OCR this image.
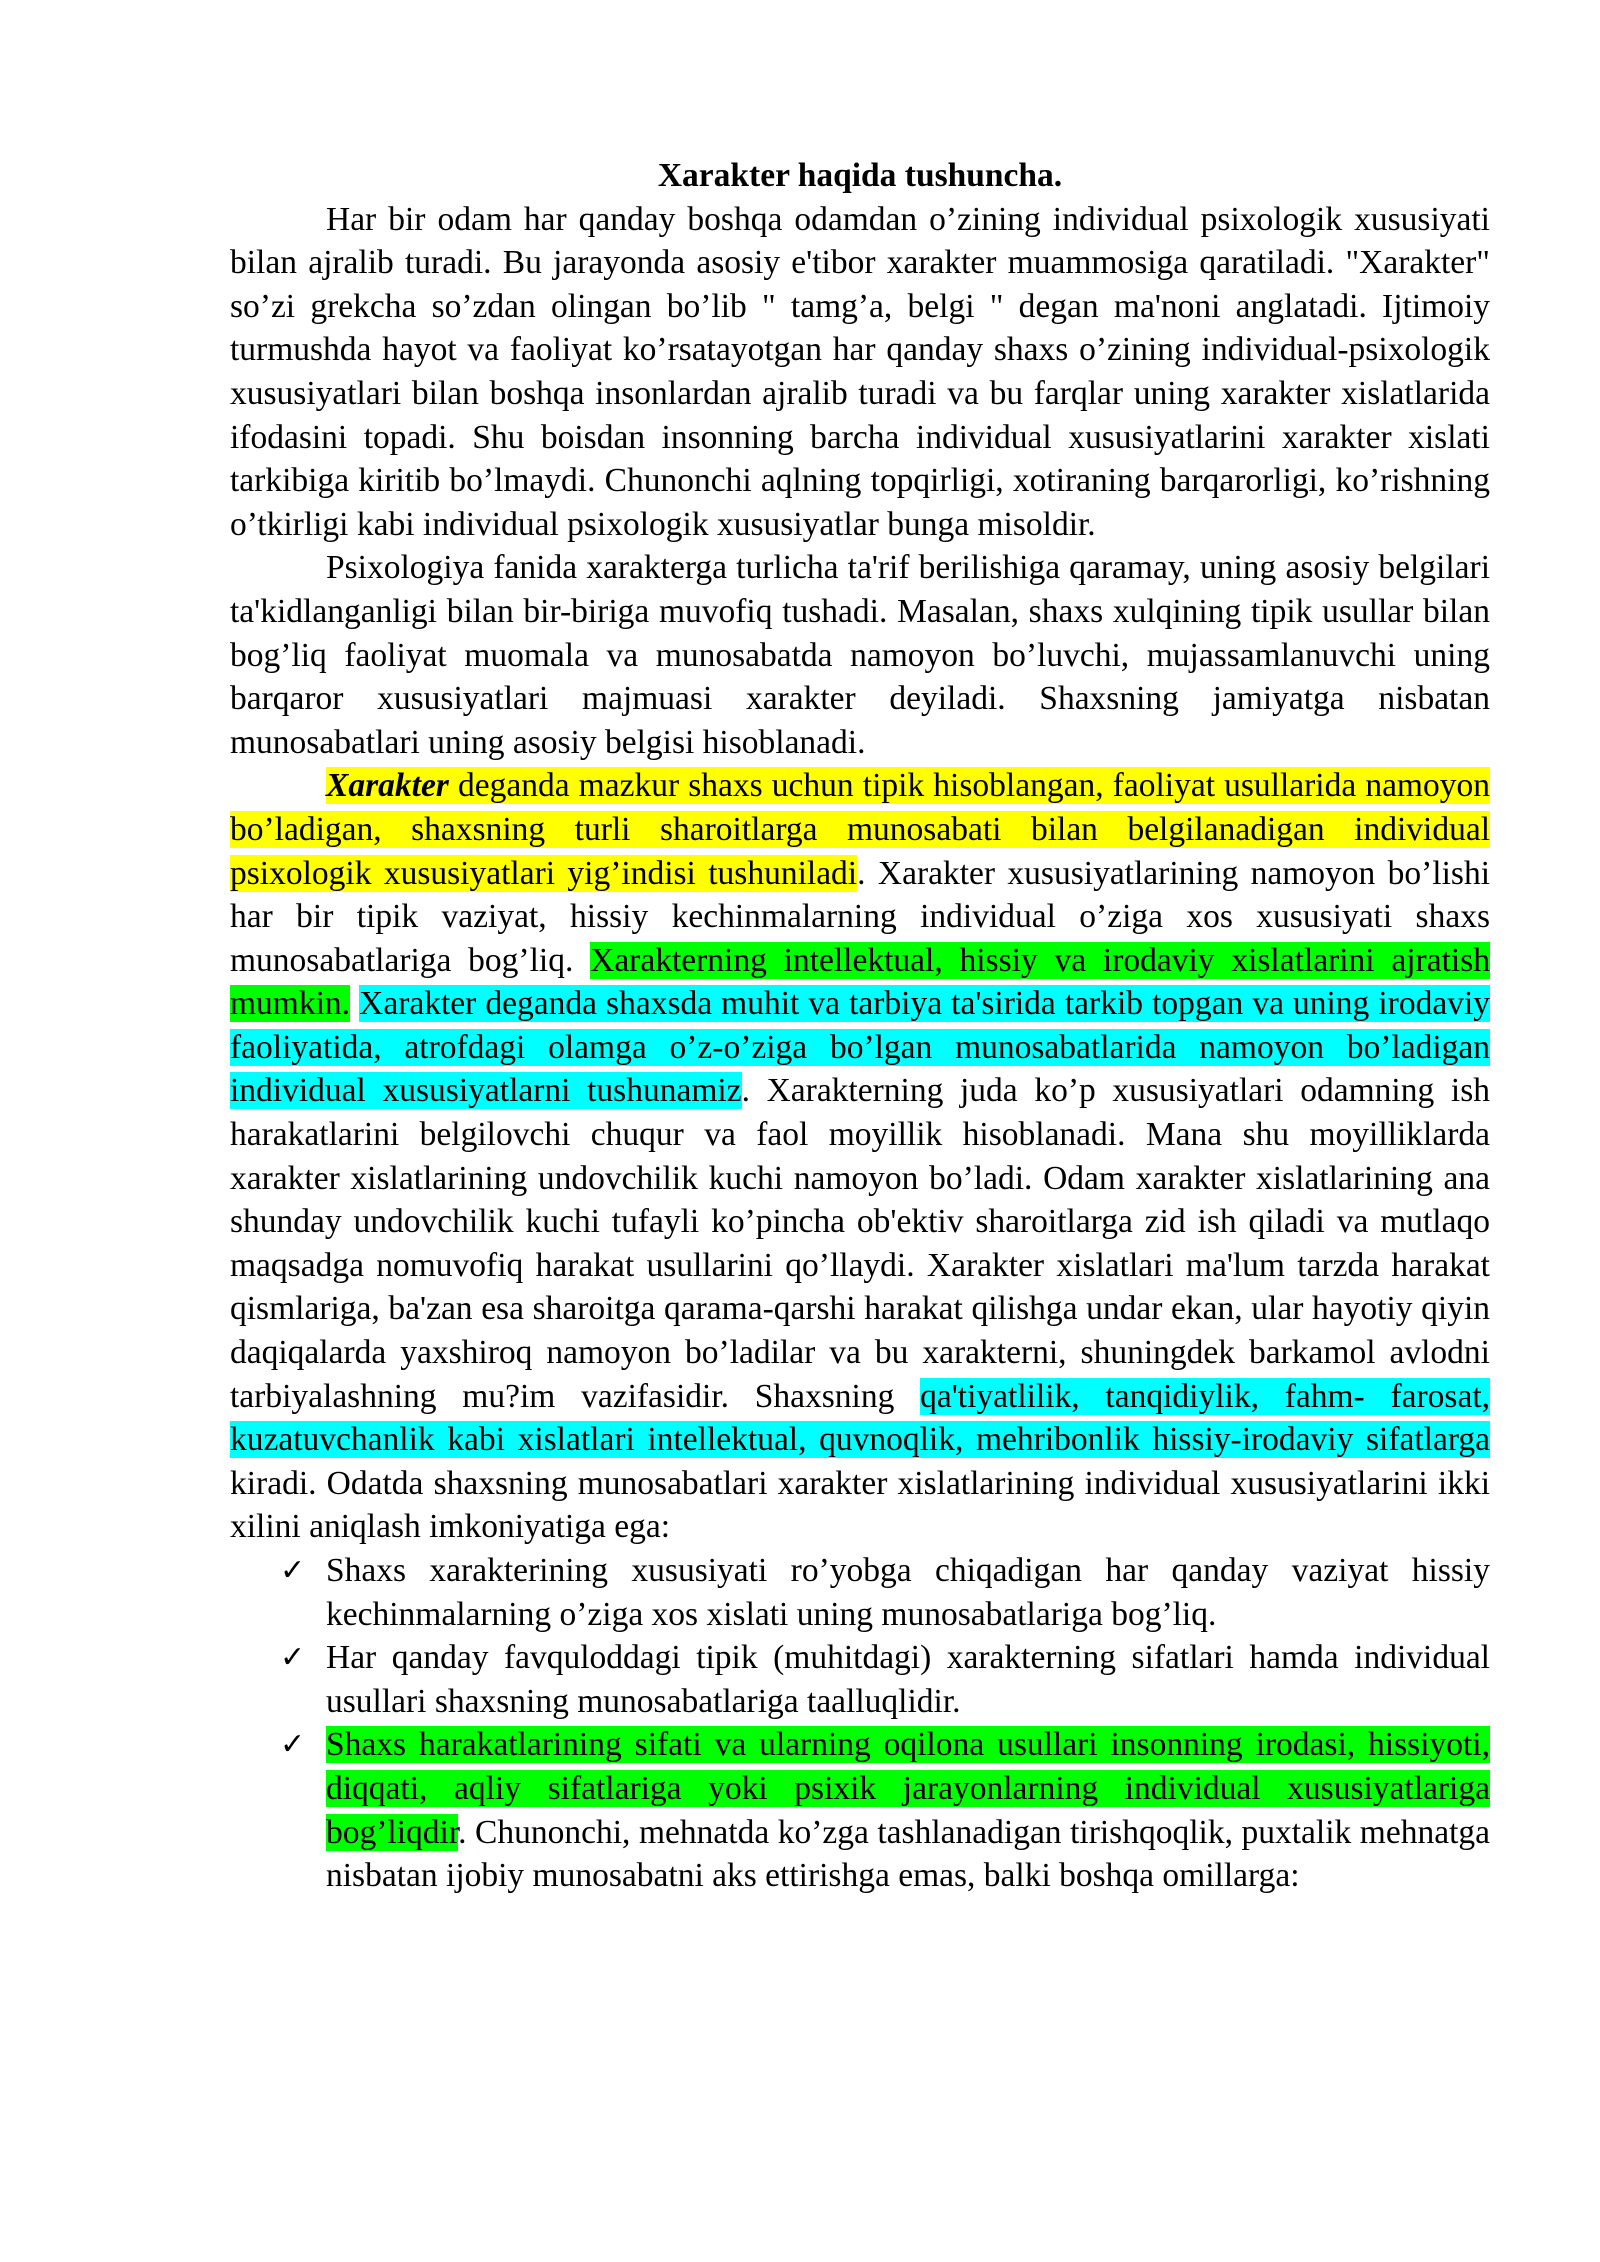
Xarakter haqida tushuncha.

Har bir odam har qanday boshqa odamdan o’zining individual psixologik xususiyati bilan ajralib turadi. Bu jarayonda asosiy e'tibor xarakter muammosiga qaratiladi. "Xarakter" so’zi grekcha so’zdan olingan bo’lib " tamg’a, belgi " degan ma'noni anglatadi. Ijtimoiy turmushda hayot va faoliyat ko’rsatayotgan har qanday shaxs o’zining individual-psixologik xususiyatlari bilan boshqa insonlardan ajralib turadi va bu farqlar uning xarakter xislatlarida ifodasini topadi. Shu boisdan insonning barcha individual xususiyatlarini xarakter xislati tarkibiga kiritib bo’lmaydi. Chunonchi aqlning topqirligi, xotiraning barqarorligi, ko’rishning o’tkirligi kabi individual psixologik xususiyatlar bunga misoldir.

Psixologiya fanida xarakterga turlicha ta'rif berilishiga qaramay, uning asosiy belgilari ta'kidlanganligi bilan bir-biriga muvofiq tushadi. Masalan, shaxs xulqining tipik usullar bilan bog’liq faoliyat muomala va munosabatda namoyon bo’luvchi, mujassamlanuvchi uning barqaror xususiyatlari majmuasi xarakter deyiladi. Shaxsning jamiyatga nisbatan munosabatlari uning asosiy belgisi hisoblanadi.

Xarakter deganda mazkur shaxs uchun tipik hisoblangan, faoliyat usullarida namoyon bo’ladigan, shaxsning turli sharoitlarga munosabati bilan belgilanadigan individual psixologik xususiyatlari yig’indisi tushuniladi. Xarakter xususiyatlarining namoyon bo’lishi har bir tipik vaziyat, hissiy kechinmalarning individual o’ziga xos xususiyati shaxs munosabatlariga bog’liq. Xarakterning intellektual, hissiy va irodaviy xislatlarini ajratish mumkin. Xarakter deganda shaxsda muhit va tarbiya ta'sirida tarkib topgan va uning irodaviy faoliyatida, atrofdagi olamga o’z-o’ziga bo’lgan munosabatlarida namoyon bo’ladigan individual xususiyatlarni tushunamiz. Xarakterning juda ko’p xususiyatlari odamning ish harakatlarini belgilovchi chuqur va faol moyillik hisoblanadi. Mana shu moyilliklarda xarakter xislatlarining undovchilik kuchi namoyon bo’ladi. Odam xarakter xislatlarining ana shunday undovchilik kuchi tufayli ko’pincha ob'ektiv sharoitlarga zid ish qiladi va mutlaqo maqsadga nomuvofiq harakat usullarini qo’llaydi. Xarakter xislatlari ma'lum tarzda harakat qismlariga, ba'zan esa sharoitga qarama-qarshi harakat qilishga undar ekan, ular hayotiy qiyin daqiqalarda yaxshiroq namoyon bo’ladilar va bu xarakterni, shuningdek barkamol avlodni tarbiyalashning mu?im vazifasidir. Shaxsning qa'tiyatlilik, tanqidiylik, fahm- farosat, kuzatuvchanlik kabi xislatlari intellektual, quvnoqlik, mehribonlik hissiy-irodaviy sifatlarga kiradi. Odatda shaxsning munosabatlari xarakter xislatlarining individual xususiyatlarini ikki xilini aniqlash imkoniyatiga ega:

✓ Shaxs xarakterining xususiyati ro’yobga chiqadigan har qanday vaziyat hissiy kechinmalarning o’ziga xos xislati uning munosabatlariga bog’liq.
✓ Har qanday favquloddagi tipik (muhitdagi) xarakterning sifatlari hamda individual usullari shaxsning munosabatlariga taalluqlidir.
✓ Shaxs harakatlarining sifati va ularning oqilona usullari insonning irodasi, hissiyoti, diqqati, aqliy sifatlariga yoki psixik jarayonlarning individual xususiyatlariga bog’liqdir. Chunonchi, mehnatda ko’zga tashlanadigan tirishqoqlik, puxtalik mehnatga nisbatan ijobiy munosabatni aks ettirishga emas, balki boshqa omillarga:
